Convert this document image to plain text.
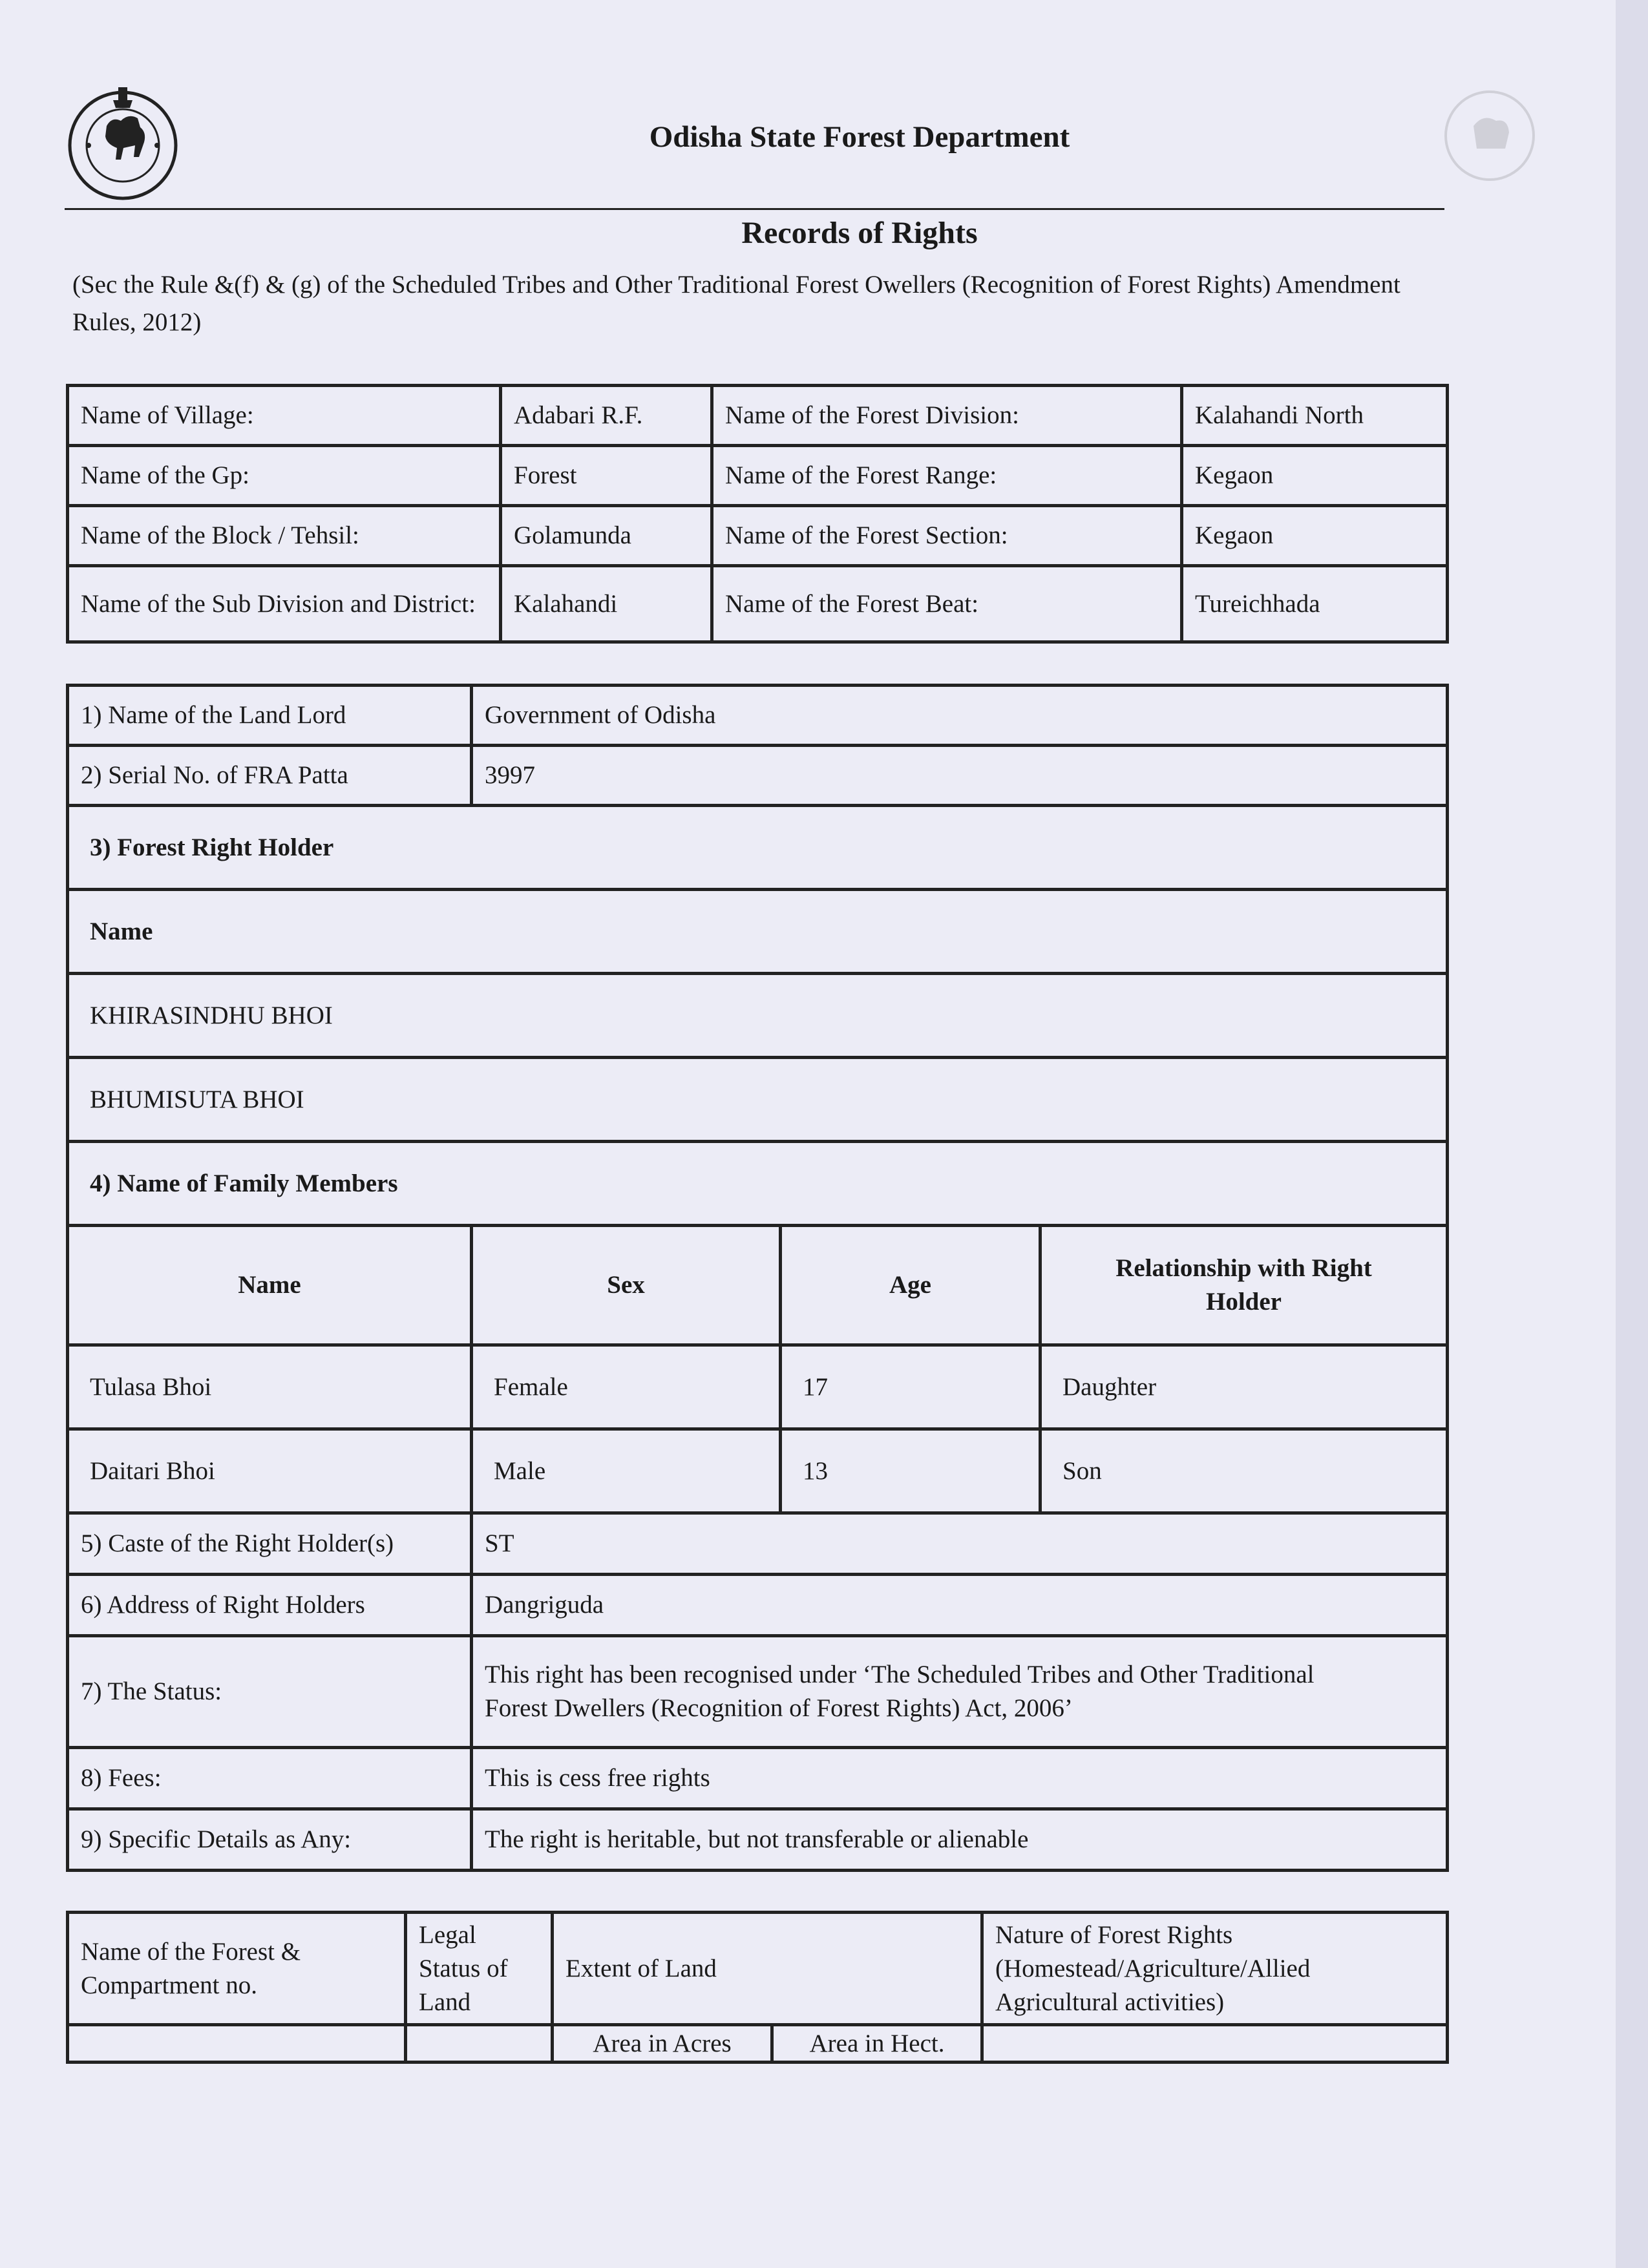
Odisha State Forest Department
Records of Rights
(Sec the Rule &(f) & (g) of the Scheduled Tribes and Other Traditional Forest Owellers (Recognition of Forest Rights) Amendment Rules, 2012)
Name of Village:	Adabari R.F.	Name of the Forest Division:	Kalahandi North
Name of the Gp:	Forest	Name of the Forest Range:	Kegaon
Name of the Block / Tehsil:	Golamunda	Name of the Forest Section:	Kegaon
Name of the Sub Division and District:	Kalahandi	Name of the Forest Beat:	Tureichhada
1) Name of the Land Lord	Government of Odisha		
2) Serial No. of FRA Patta	3997		
3) Forest Right Holder			
Name			
KHIRASINDHU BHOI			
BHUMISUTA BHOI			
4) Name of Family Members			
Name	Sex	Age	Relationship with Right Holder
Tulasa Bhoi	Female	17	Daughter
Daitari Bhoi	Male	13	Son
5) Caste of the Right Holder(s)	ST		
6) Address of Right Holders	Dangriguda		
7) The Status:	This right has been recognised under ‘The Scheduled Tribes and Other Traditional Forest Dwellers (Recognition of Forest Rights) Act, 2006’		
8) Fees:	This is cess free rights		
9) Specific Details as Any:	The right is heritable, but not transferable or alienable		
Name of the Forest & Compartment no.	Legal Status of Land	Extent of Land		Nature of Forest Rights (Homestead/Agriculture/Allied Agricultural activities)
		Area in Acres	Area in Hect.	
